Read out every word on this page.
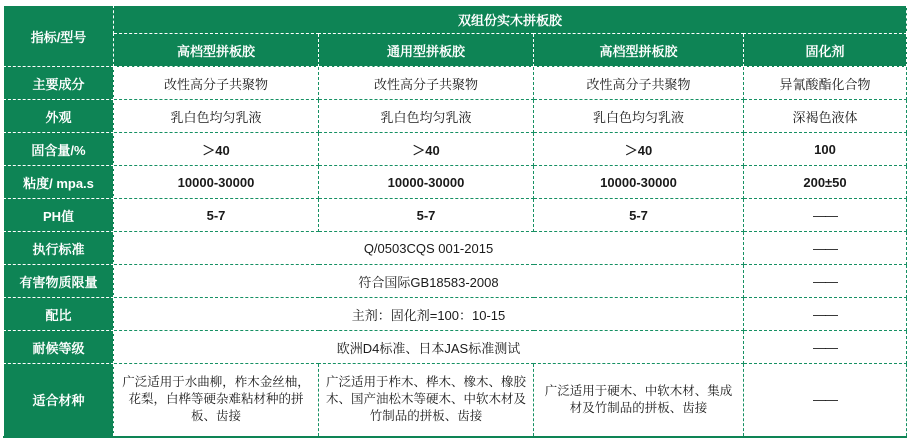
指标/型号	双组份实木拼板胶			
	高档型拼板胶	通用型拼板胶	高档型拼板胶	固化剂
主要成分	改性高分子共聚物	改性高分子共聚物	改性高分子共聚物	异氰酸酯化合物
外观	乳白色均匀乳液	乳白色均匀乳液	乳白色均匀乳液	深褐色液体
固含量/%	＞40	＞40	＞40	100
粘度/ mpa.s	10000-30000	10000-30000	10000-30000	200±50
PH值	5-7	5-7	5-7	——
执行标准	Q/0503CQS 001-2015			——
有害物质限量	符合国际GB18583-2008			——
配比	主剂：固化剂=100：10-15			——
耐候等级	欧洲D4标准、日本JAS标准测试			——
适合材种	广泛适用于水曲柳，柞木金丝柚，花梨，白桦等硬杂难粘材种的拼板、齿接	广泛适用于柞木、桦木、橡木、橡胶木、国产油松木等硬木、中软木材及竹制品的拼板、齿接	广泛适用于硬木、中软木材、集成材及竹制品的拼板、齿接	——
